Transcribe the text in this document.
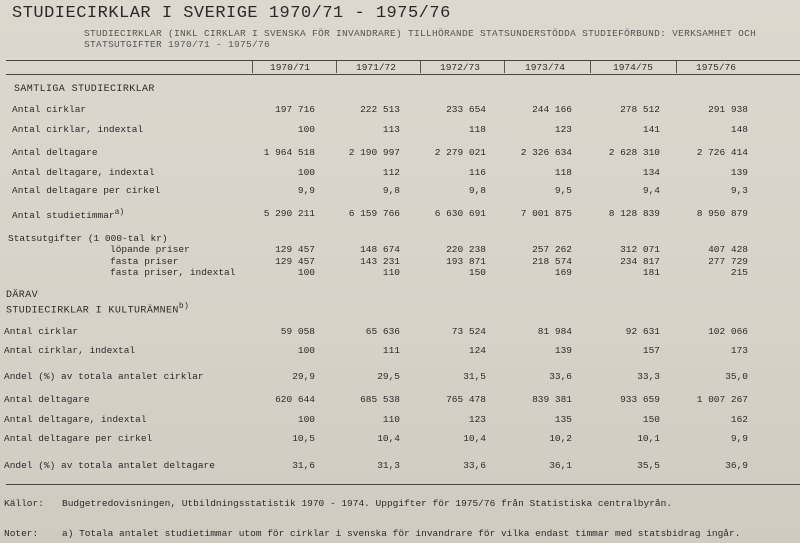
STUDIECIRKLAR I SVERIGE 1970/71 - 1975/76
STUDIECIRKLAR (INKL CIRKLAR I SVENSKA FÖR INVANDRARE) TILLHÖRANDE STATSUNDERSTÖDDA STUDIEFÖRBUND: VERKSAMHET OCH STATSUTGIFTER 1970/71 - 1975/76
1970/71	1971/72	1972/73	1973/74	1974/75	1975/76
SAMTLIGA STUDIECIRKLAR
Antal cirklar	197 716	222 513	233 654	244 166	278 512	291 938
Antal cirklar, indextal	100	113	118	123	141	148
Antal deltagare	1 964 518	2 190 997	2 279 021	2 326 634	2 628 310	2 726 414
Antal deltagare, indextal	100	112	116	118	134	139
Antal deltagare per cirkel	9,9	9,8	9,8	9,5	9,4	9,3
Antal studietimmar$^{a)}$	5 290 211	6 159 766	6 630 691	7 001 875	8 128 839	8 950 879
Statsutgifter (1 000-tal kr)
löpande priser	129 457	148 674	220 238	257 262	312 071	407 428
fasta priser	129 457	143 231	193 871	218 574	234 817	277 729
fasta priser, indextal	100	110	150	169	181	215
DÄRAV
STUDIECIRKLAR I KULTURÄMNEN$^{b)}$
Antal cirklar	59 058	65 636	73 524	81 984	92 631	102 066
Antal cirklar, indextal	100	111	124	139	157	173
Andel (%) av totala antalet cirklar	29,9	29,5	31,5	33,6	33,3	35,0
Antal deltagare	620 644	685 538	765 478	839 381	933 659	1 007 267
Antal deltagare, indextal	100	110	123	135	150	162
Antal deltagare per cirkel	10,5	10,4	10,4	10,2	10,1	9,9
Andel (%) av totala antalet deltagare	31,6	31,3	33,6	36,1	35,5	36,9
Källor: Budgetredovisningen, Utbildningsstatistik 1970 - 1974. Uppgifter för 1975/76 från Statistiska centralbyrån.
Noter:	a) Totala antalet studietimmar utom för cirklar i svenska för invandrare för vilka endast timmar med statsbidrag ingår.
